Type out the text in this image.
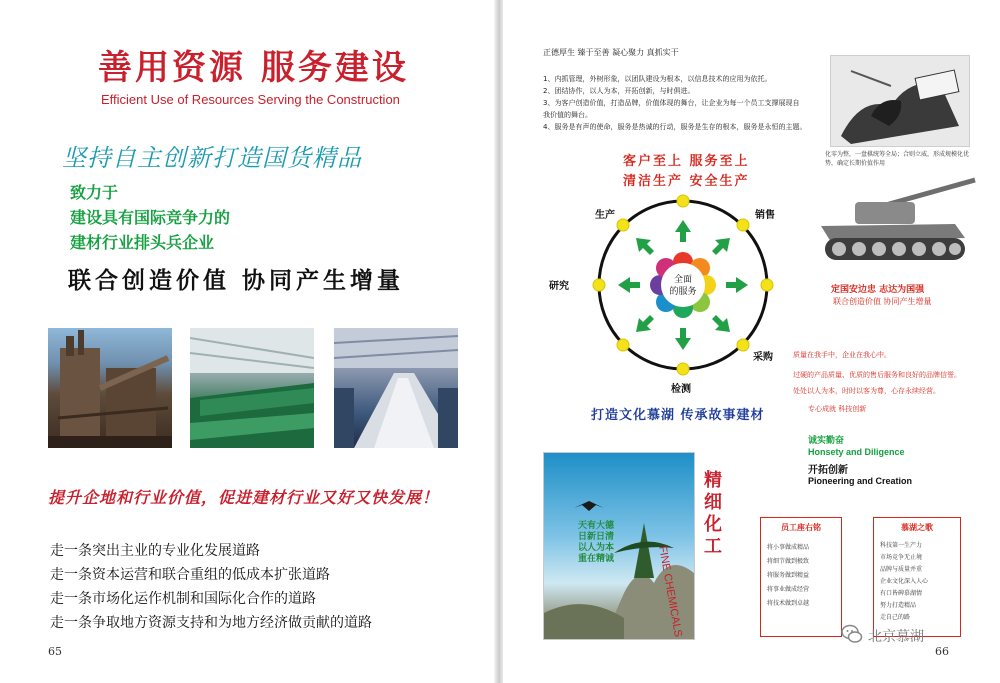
善用资源 服务建设
Efficient Use of Resources Serving the Construction
坚持自主创新打造国货精品
致力于
建设具有国际竞争力的
建材行业排头兵企业
联合创造价值 协同产生增量
提升企地和行业价值，促进建材行业又好又快发展！
走一条突出主业的专业化发展道路
走一条资本运营和联合重组的低成本扩张道路
走一条市场化运作机制和国际化合作的道路
走一条争取地方资源支持和为地方经济做贡献的道路
65
正德厚生 臻于至善 凝心聚力 真抓实干
1、内抓管理，外树形象，以团队建设为根本，以信息技术的应用为依托。
2、团结协作，以人为本，开拓创新，与时俱进。
3、为客户创造价值，打造品牌，价值体现的舞台，让企业为每一个员工支撑展现自
我价值的舞台。
4、服务是有声的使命，服务是热诚的行动，服务是生存的根本，服务是永恒的主题。
客户至上 服务至上
清洁生产 安全生产
全面
的服务
生产	销售
研究
采购
检测
打造文化慕湖 传承故事建材
化零为整，一盘棋统筹全局；合则立威，形成规模化优势，确定长期价值作用
定国安边忠 志达为国强
联合创造价值 协同产生增量
质量在我手中，企业在我心中。
过硬的产品质量、优质的售后服务和良好的品牌信誉。
处处以人为本，时时以客为尊，心存永续经营。
专心成就 科技创新
诚实勤奋
Honsety and Diligence
开拓创新
Pioneering and Creation
天有大德
日新日清
以人为本
重在精诚
精细化工
FINE CHEMICALS
员工座右铭
将小事做成精品
将细节做到极致
将服务做到精益
将事业做成经营
将技术做到卓越
慕湖之歌
科技第一生产力
市场竞争无止境
品牌与质量并重
企业文化深入人心
有口皆碑慕湖情
努力打造精品
走自己的路
北京慕湖
66
